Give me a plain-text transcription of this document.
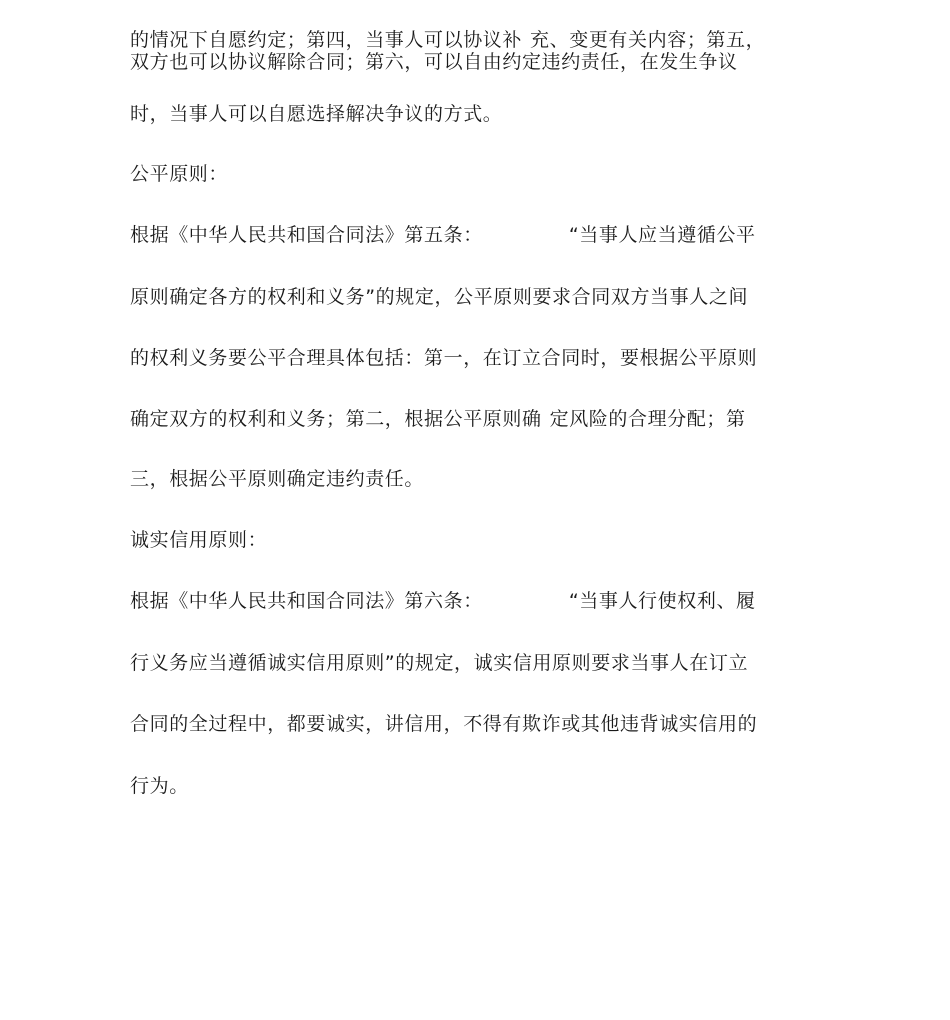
的情况下自愿约定；第四，当事人可以协议补 充、变更有关内容；第五，
双方也可以协议解除合同；第六，可以自由约定违约责任，在发生争议
时，当事人可以自愿选择解决争议的方式。
公平原则：
根据《中华人民共和国合同法》第五条：	“当事人应当遵循公平
原则确定各方的权利和义务”的规定，公平原则要求合同双方当事人之间
的权利义务要公平合理具体包括：第一，在订立合同时，要根据公平原则
确定双方的权利和义务；第二，根据公平原则确 定风险的合理分配；第
三，根据公平原则确定违约责任。
诚实信用原则：
根据《中华人民共和国合同法》第六条：	“当事人行使权利、履
行义务应当遵循诚实信用原则”的规定，诚实信用原则要求当事人在订立
合同的全过程中，都要诚实，讲信用，不得有欺诈或其他违背诚实信用的
行为。
